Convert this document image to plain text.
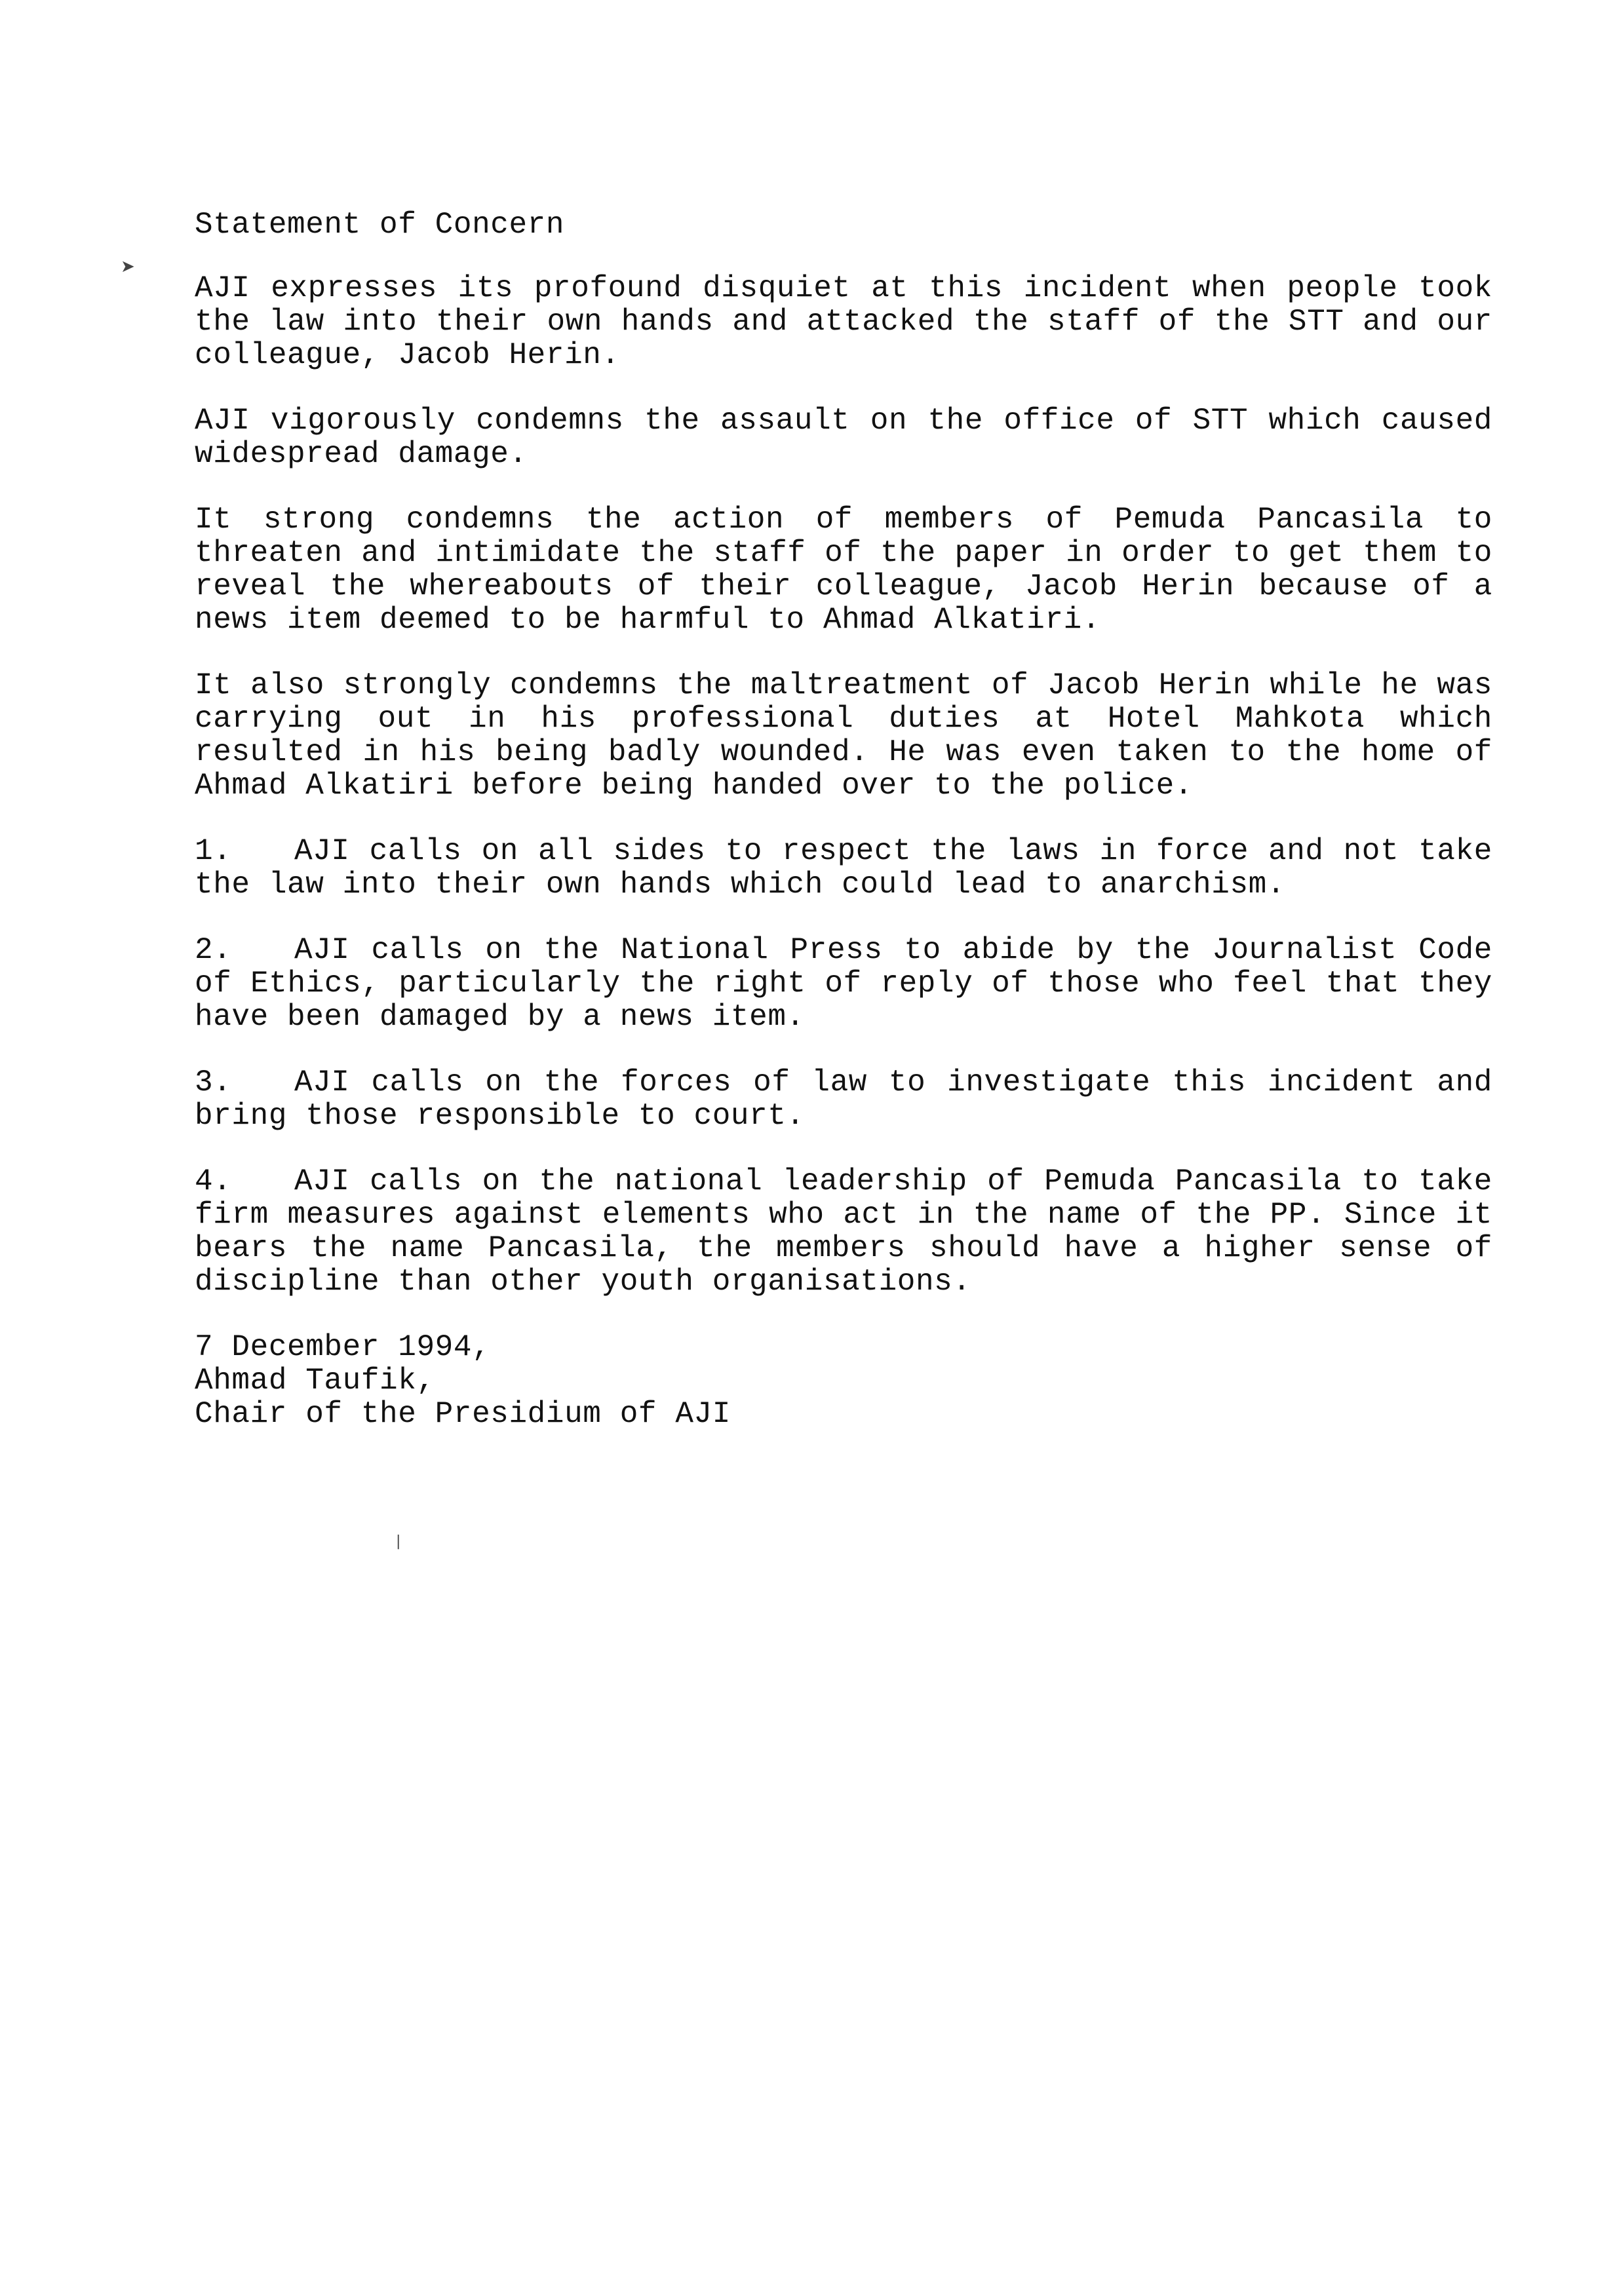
➤
|
Statement of Concern

AJI expresses its profound disquiet at this incident when people took the law into their own hands and attacked the staff of the STT and our colleague, Jacob Herin.

AJI vigorously condemns the assault on the office of STT which caused widespread damage.

It strong condemns the action of members of Pemuda Pancasila to threaten and intimidate the staff of the paper in order to get them to reveal the whereabouts of their colleague, Jacob Herin because of a news item deemed to be harmful to Ahmad Alkatiri.

It also strongly condemns the maltreatment of Jacob Herin while he was carrying out in his professional duties at Hotel Mahkota which resulted in his being badly wounded. He was even taken to the home of Ahmad Alkatiri before being handed over to the police.

1. AJI calls on all sides to respect the laws in force and not take the law into their own hands which could lead to anarchism.

2. AJI calls on the National Press to abide by the Journalist Code of Ethics, particularly the right of reply of those who feel that they have been damaged by a news item.

3. AJI calls on the forces of law to investigate this incident and bring those responsible to court.

4. AJI calls on the national leadership of Pemuda Pancasila to take firm measures against elements who act in the name of the PP. Since it bears the name Pancasila, the members should have a higher sense of discipline than other youth organisations.

7 December 1994,

Ahmad Taufik,

Chair of the Presidium of AJI
